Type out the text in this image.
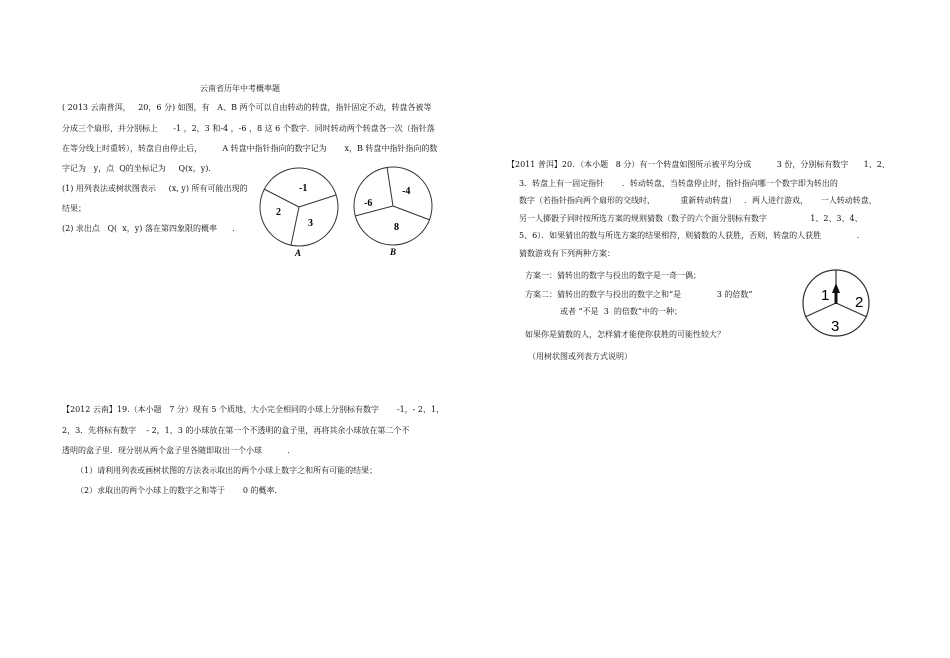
云南省历年中考概率题
( 2013 云南普洱，   20，6 分) 如图，有   A、B 两个可以自由转动的转盘，指针固定不动，转盘各被等
分成三个扇形，并分别标上      -1 ，2，3 和-4 ，-6 ，8 这 6 个数字．同时转动两个转盘各一次（指针落
在等分线上时重转），转盘自由停止后，        A 转盘中指针指向的数字记为       x，B 转盘中指针指向的数
字记为   y，点  Q的坐标记为     Q(x，y)．
(1) 用列表法或树状图表示     (x, y) 所有可能出现的
结果；
(2) 求出点   Q(  x，y) 落在第四象限的概率      ．
-1
2
3
A
-4
-6
8
B
【2011 普洱】20．（本小题   8 分）有一个转盘如图所示被平均分成          3 份，分别标有数字      1、2、
3．转盘上有一固定指针       ．转动转盘，当转盘停止时，指针指向哪一个数字即为转出的
数字（若指针指向两个扇形的交线时，          重新转动转盘）   ．两人进行游戏，     一人转动转盘，
另一人掷骰子同时按所选方案的规则猜数（数子的六个面分别标有数字                 1、2、3、4、
5、6）．如果猜出的数与所选方案的结果相符，则猜数的人获胜，否则，转盘的人获胜              ．
猜数游戏有下列两种方案：
方案一：猜转出的数字与投出的数字是一奇一偶；
方案二：猜转出的数字与投出的数字之和“是              3 的倍数”
或者 “不是  3  的倍数”中的一种；
如果你是猜数的人，怎样猜才能使你获胜的可能性较大？
（用树状图或列表方式说明）
1 2
3
【2012 云南】19.（本小题   7 分）现有 5 个质地、大小完全相同的小球上分别标有数字       -1，- 2，1，
2，3．先将标有数字    - 2，1，3 的小球放在第一个不透明的盒子里，再将其余小球放在第二个不
透明的盒子里．现分别从两个盒子里各随即取出一个小球          ．
（1）请利用列表或画树状图的方法表示取出的两个小球上数字之和所有可能的结果；
（2）求取出的两个小球上的数字之和等于       0 的概率．
